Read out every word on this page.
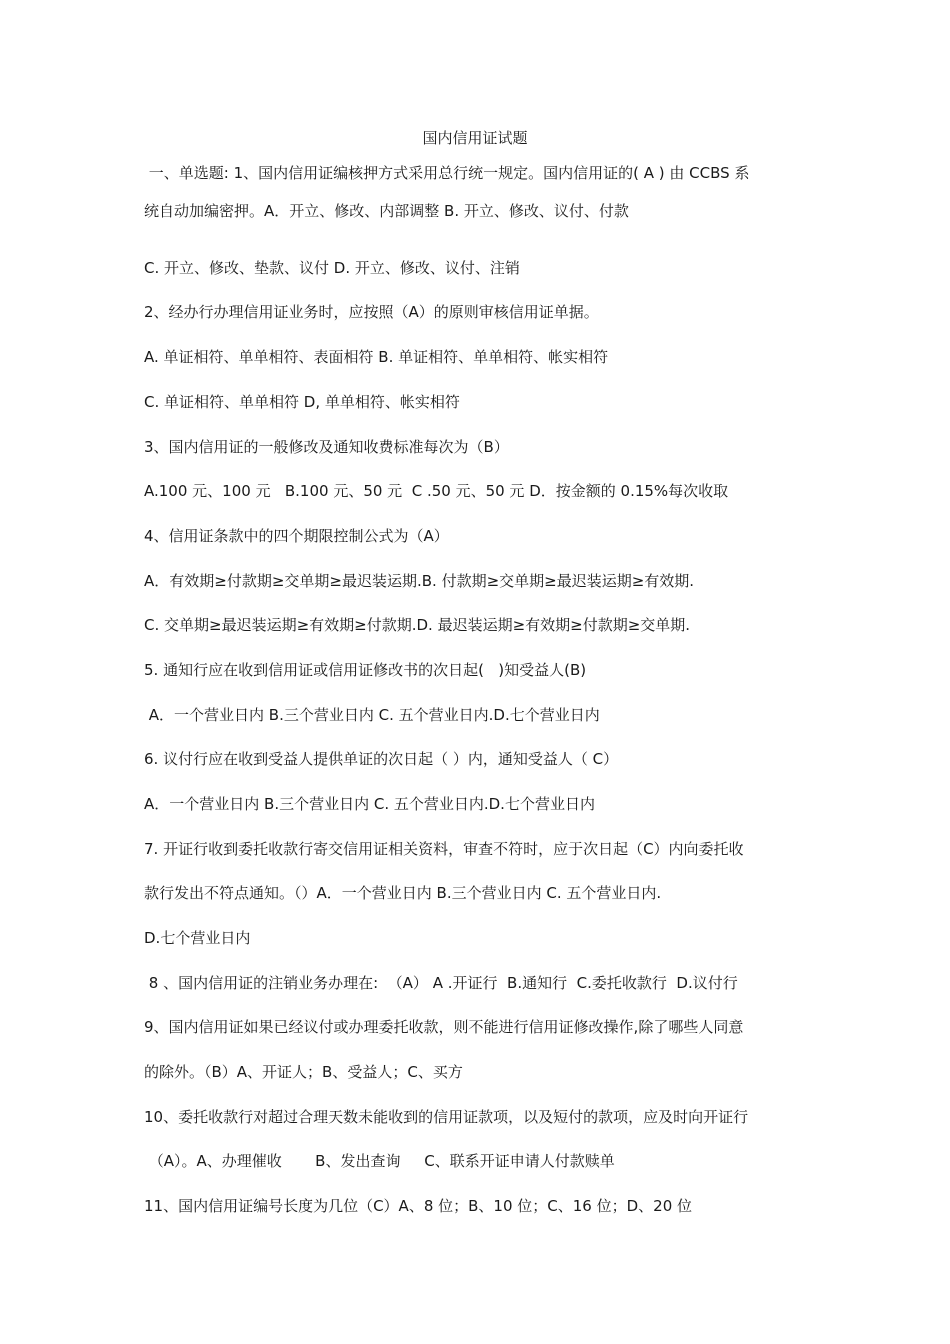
国内信用证试题
一、单选题: 1、国内信用证编核押方式采用总行统一规定。国内信用证的( A ) 由 CCBS 系
统自动加编密押。A．开立、修改、内部调整 B. 开立、修改、议付、付款
C. 开立、修改、垫款、议付 D. 开立、修改、议付、注销
2、经办行办理信用证业务时，应按照（A）的原则审核信用证单据。
A. 单证相符、单单相符、表面相符 B. 单证相符、单单相符、帐实相符
C. 单证相符、单单相符 D, 单单相符、帐实相符
3、国内信用证的一般修改及通知收费标准每次为（B）
A.100 元、100 元   B.100 元、50 元  C .50 元、50 元 D．按金额的 0.15%每次收取
4、信用证条款中的四个期限控制公式为（A）
A．有效期≥付款期≥交单期≥最迟装运期.B. 付款期≥交单期≥最迟装运期≥有效期.
C. 交单期≥最迟装运期≥有效期≥付款期.D. 最迟装运期≥有效期≥付款期≥交单期.
5. 通知行应在收到信用证或信用证修改书的次日起(   )知受益人(B)
A．一个营业日内 B.三个营业日内 C. 五个营业日内.D.七个营业日内
6. 议付行应在收到受益人提供单证的次日起（ ）内，通知受益人（ C）
A．一个营业日内 B.三个营业日内 C. 五个营业日内.D.七个营业日内
7. 开证行收到委托收款行寄交信用证相关资料，审查不符时，应于次日起（C）内向委托收
款行发出不符点通知。（）A．一个营业日内 B.三个营业日内 C. 五个营业日内.
D.七个营业日内
8 、国内信用证的注销业务办理在:  （A） A .开证行  B.通知行  C.委托收款行  D.议付行
9、国内信用证如果已经议付或办理委托收款，则不能进行信用证修改操作,除了哪些人同意
的除外。（B）A、开证人；B、受益人；C、买方
10、委托收款行对超过合理天数未能收到的信用证款项，以及短付的款项，应及时向开证行
（A）。A、办理催收       B、发出查询     C、联系开证申请人付款赎单
11、国内信用证编号长度为几位（C）A、8 位；B、10 位；C、16 位；D、20 位
